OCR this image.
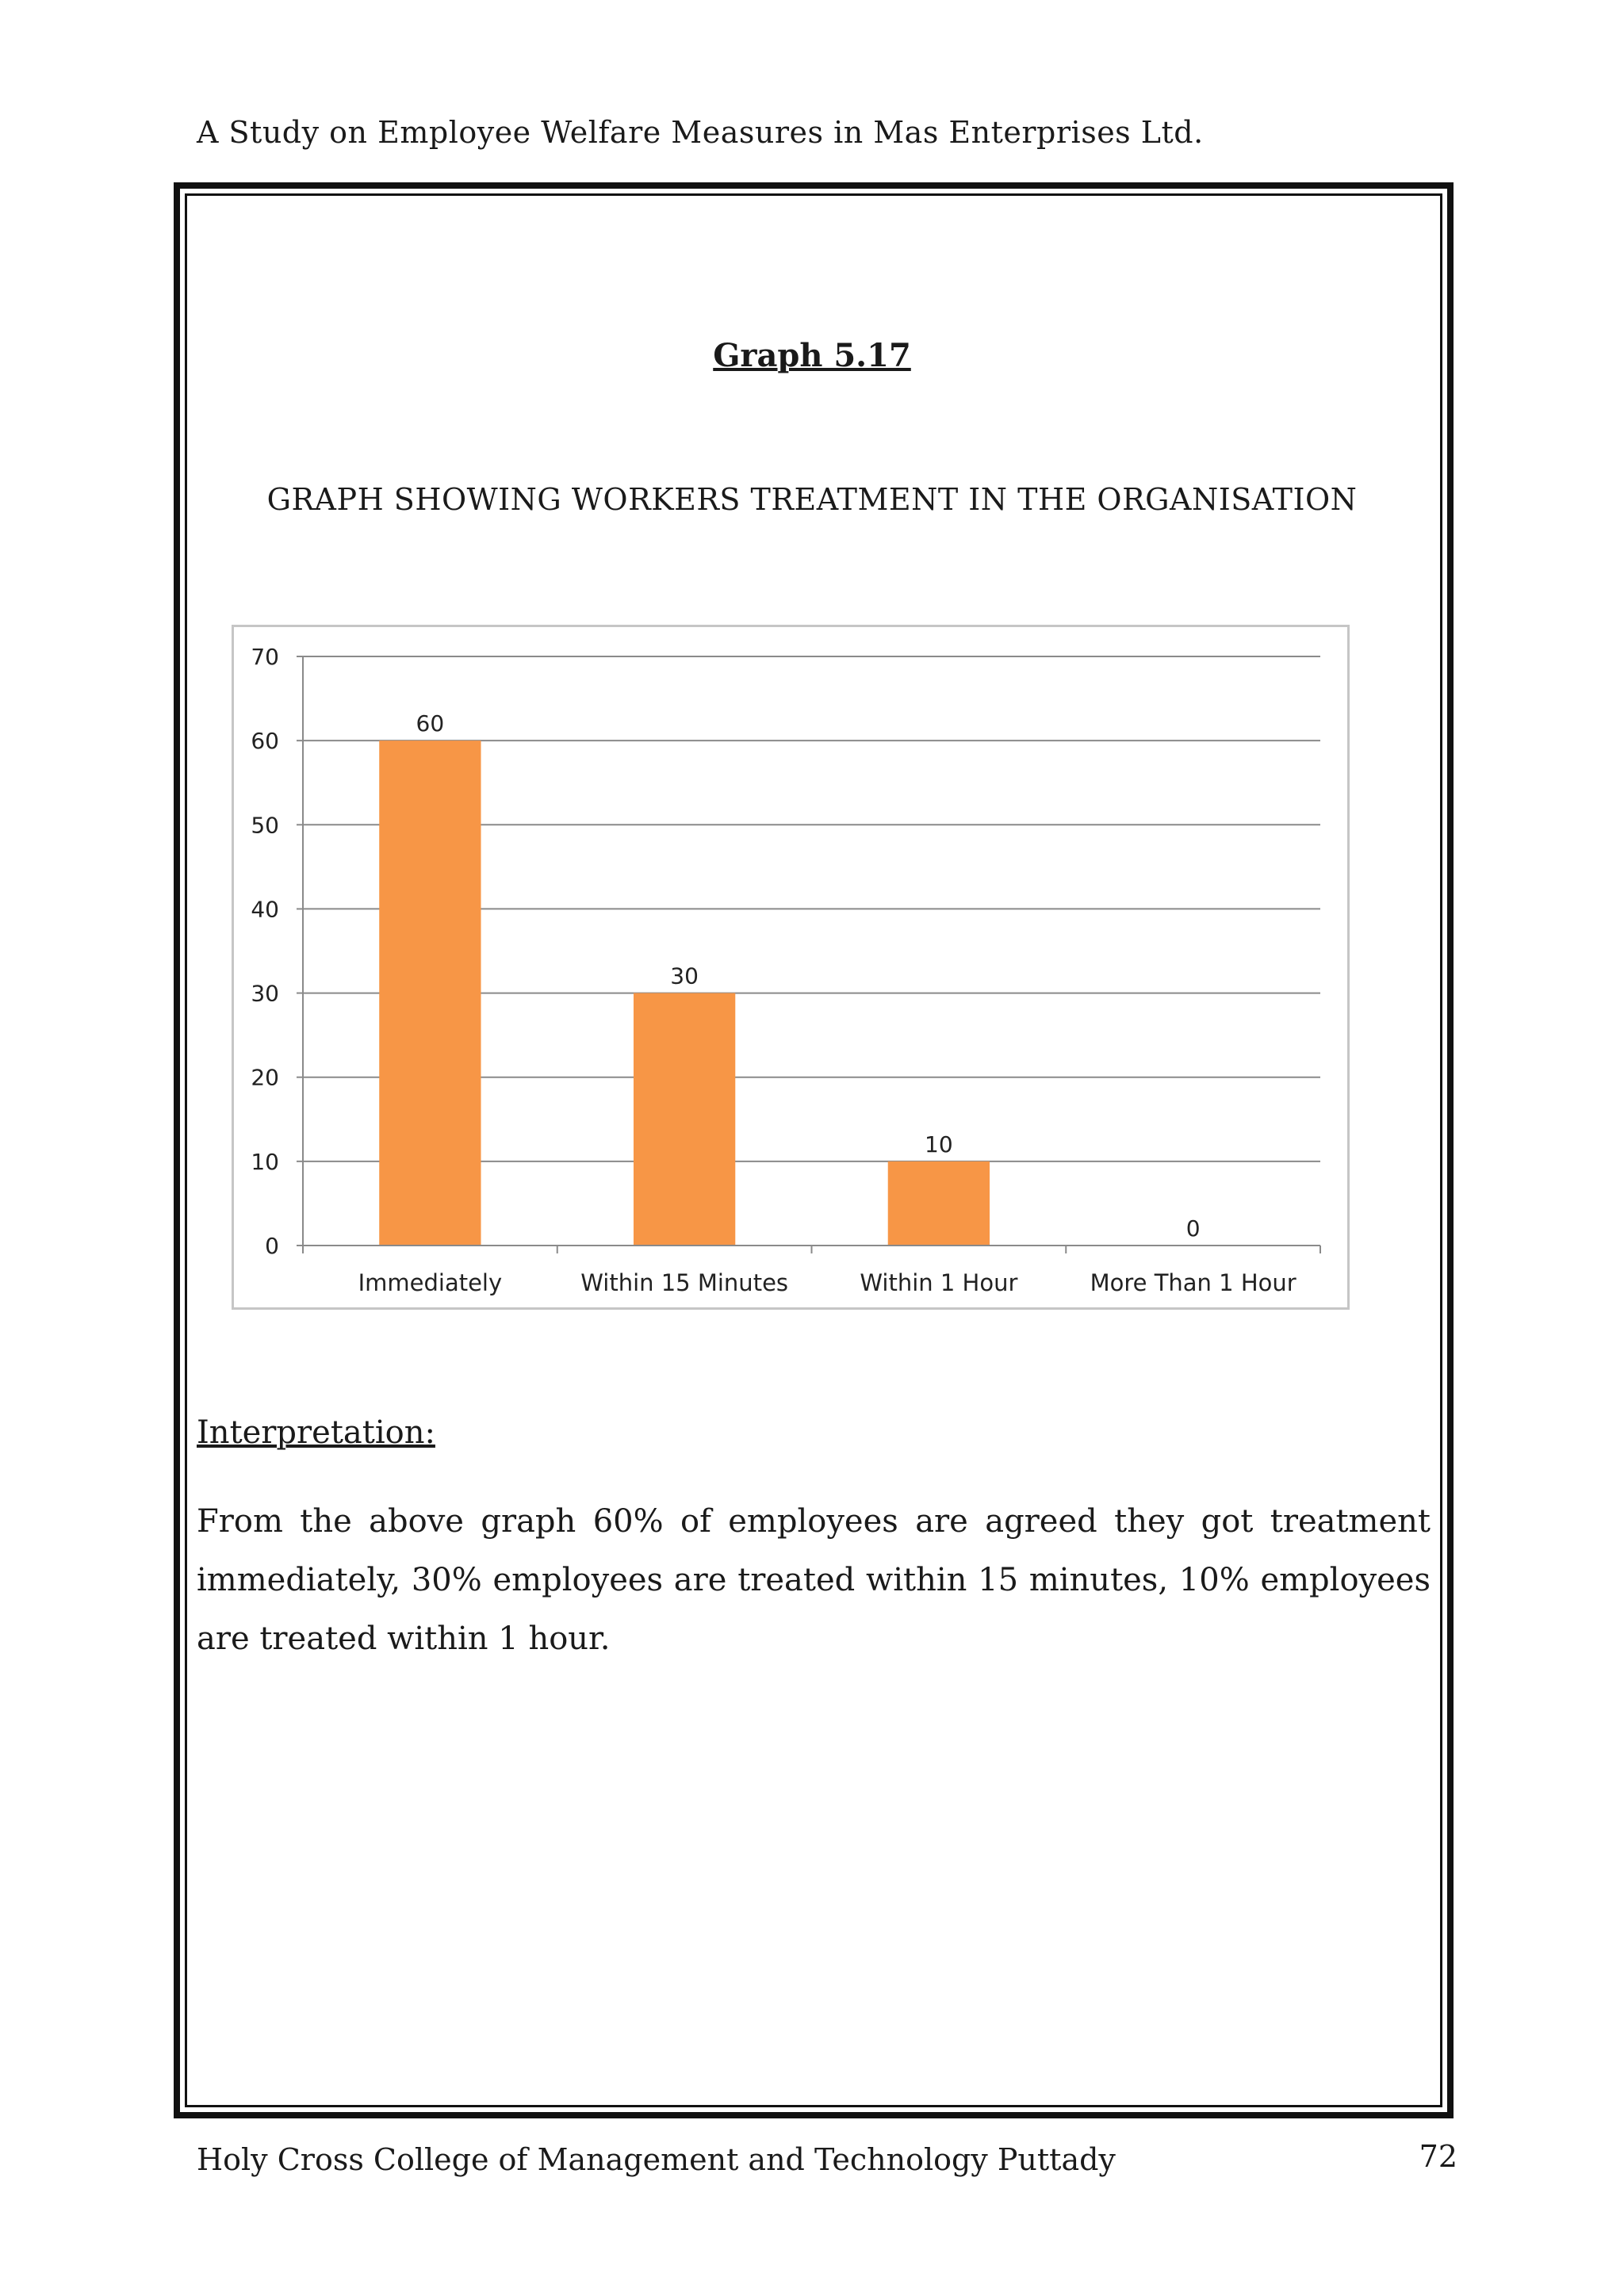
A Study on Employee Welfare Measures in Mas Enterprises Ltd.
Graph 5.17
GRAPH SHOWING WORKERS TREATMENT IN THE ORGANISATION
0
10
20
30
40
50
60
70
60
Immediately
30
Within 15 Minutes
10
Within 1 Hour
0
More Than 1 Hour
Interpretation:
From the above graph 60% of employees are agreed they got treatment immediately, 30% employees are treated within 15 minutes, 10% employees are treated within 1 hour.
Holy Cross College of Management and Technology Puttady	72
